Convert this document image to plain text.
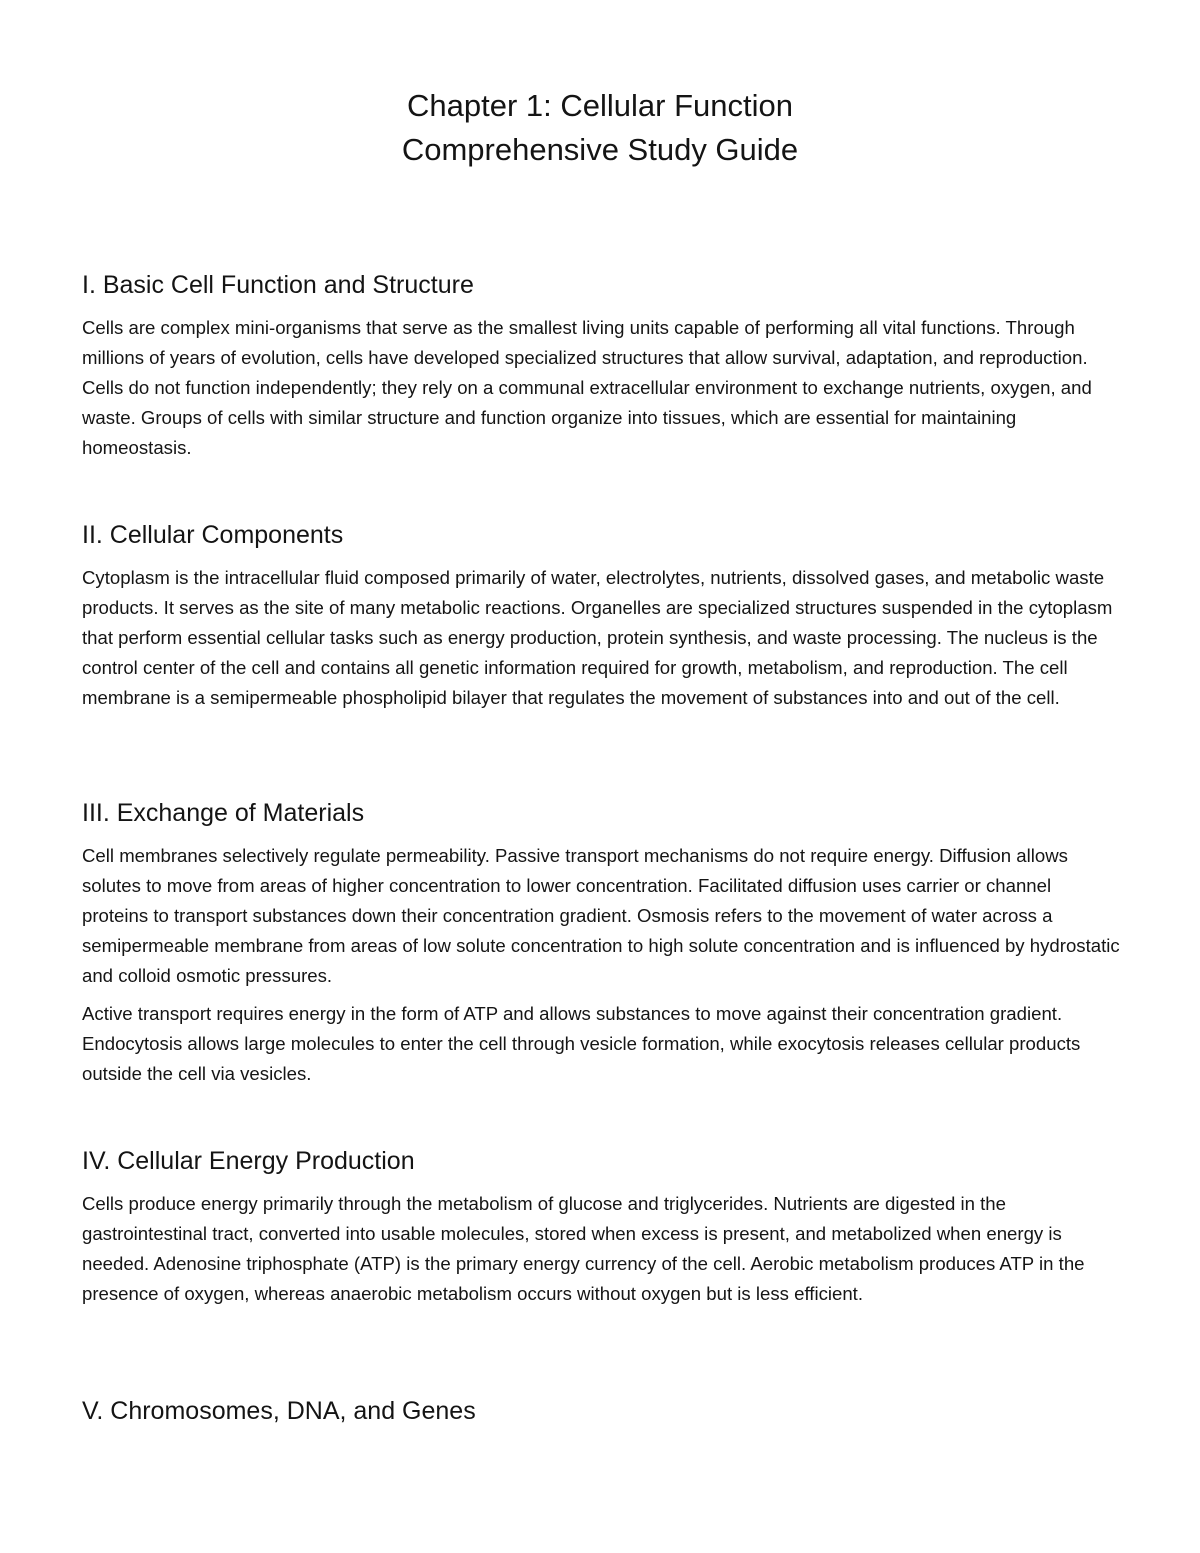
Chapter 1: Cellular Function
Comprehensive Study Guide
I. Basic Cell Function and Structure

Cells are complex mini-organisms that serve as the smallest living units capable of performing all vital functions. Through millions of years of evolution, cells have developed specialized structures that allow survival, adaptation, and reproduction. Cells do not function independently; they rely on a communal extracellular environment to exchange nutrients, oxygen, and waste. Groups of cells with similar structure and function organize into tissues, which are essential for maintaining homeostasis.

II. Cellular Components

Cytoplasm is the intracellular fluid composed primarily of water, electrolytes, nutrients, dissolved gases, and metabolic waste products. It serves as the site of many metabolic reactions. Organelles are specialized structures suspended in the cytoplasm that perform essential cellular tasks such as energy production, protein synthesis, and waste processing. The nucleus is the control center of the cell and contains all genetic information required for growth, metabolism, and reproduction. The cell membrane is a semipermeable phospholipid bilayer that regulates the movement of substances into and out of the cell.

III. Exchange of Materials

Cell membranes selectively regulate permeability. Passive transport mechanisms do not require energy. Diffusion allows solutes to move from areas of higher concentration to lower concentration. Facilitated diffusion uses carrier or channel proteins to transport substances down their concentration gradient. Osmosis refers to the movement of water across a semipermeable membrane from areas of low solute concentration to high solute concentration and is influenced by hydrostatic and colloid osmotic pressures.

Active transport requires energy in the form of ATP and allows substances to move against their concentration gradient. Endocytosis allows large molecules to enter the cell through vesicle formation, while exocytosis releases cellular products outside the cell via vesicles.

IV. Cellular Energy Production

Cells produce energy primarily through the metabolism of glucose and triglycerides. Nutrients are digested in the gastrointestinal tract, converted into usable molecules, stored when excess is present, and metabolized when energy is needed. Adenosine triphosphate (ATP) is the primary energy currency of the cell. Aerobic metabolism produces ATP in the presence of oxygen, whereas anaerobic metabolism occurs without oxygen but is less efficient.

V. Chromosomes, DNA, and Genes
